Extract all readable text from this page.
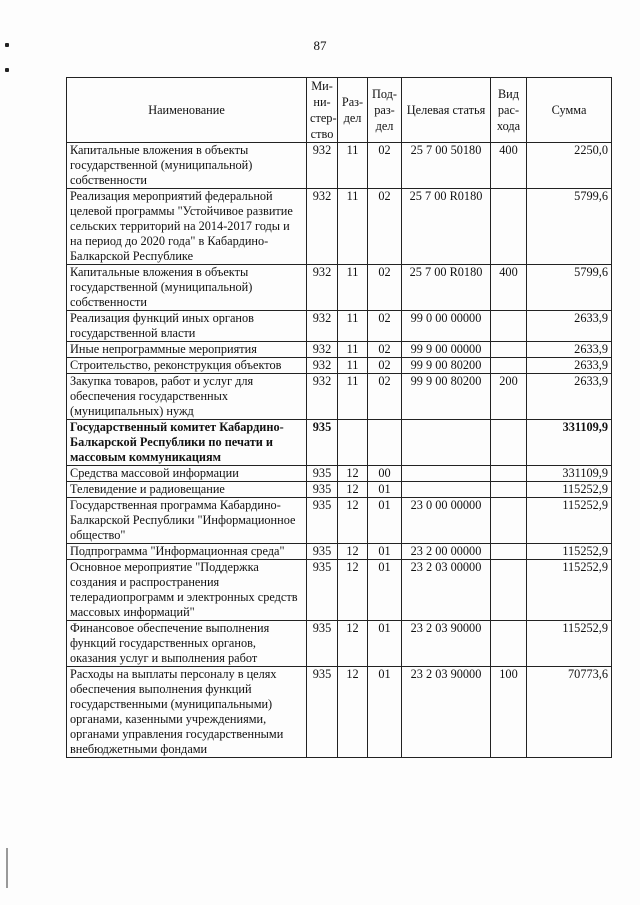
87
Наименование	Ми-ни-стер-ство	Раз-дел	Под-раз-дел	Целевая статья	Вид рас-хода	Сумма
Капитальные вложения в объекты государственной (муниципальной) собственности	932	11	02	25 7 00 50180	400	2250,0
Реализация мероприятий федеральной целевой программы "Устойчивое развитие сельских территорий на 2014-2017 годы и на период до 2020 года" в Кабардино-Балкарской Республике	932	11	02	25 7 00 R0180		5799,6
Капитальные вложения в объекты государственной (муниципальной) собственности	932	11	02	25 7 00 R0180	400	5799,6
Реализация функций иных органов государственной власти	932	11	02	99 0 00 00000		2633,9
Иные непрограммные мероприятия	932	11	02	99 9 00 00000		2633,9
Строительство, реконструкция объектов	932	11	02	99 9 00 80200		2633,9
Закупка товаров, работ и услуг для обеспечения государственных (муниципальных) нужд	932	11	02	99 9 00 80200	200	2633,9
Государственный комитет Кабардино-Балкарской Республики по печати и массовым коммуникациям	935					331109,9
Средства массовой информации	935	12	00			331109,9
Телевидение и радиовещание	935	12	01			115252,9
Государственная программа Кабардино-Балкарской Республики "Информационное общество"	935	12	01	23 0 00 00000		115252,9
Подпрограмма "Информационная среда"	935	12	01	23 2 00 00000		115252,9
Основное мероприятие "Поддержка создания и распространения телерадиопрограмм и электронных средств массовых информаций"	935	12	01	23 2 03 00000		115252,9
Финансовое обеспечение выполнения функций государственных органов, оказания услуг и выполнения работ	935	12	01	23 2 03 90000		115252,9
Расходы на выплаты персоналу в целях обеспечения выполнения функций государственными (муниципальными) органами, казенными учреждениями, органами управления государственными внебюджетными фондами	935	12	01	23 2 03 90000	100	70773,6
